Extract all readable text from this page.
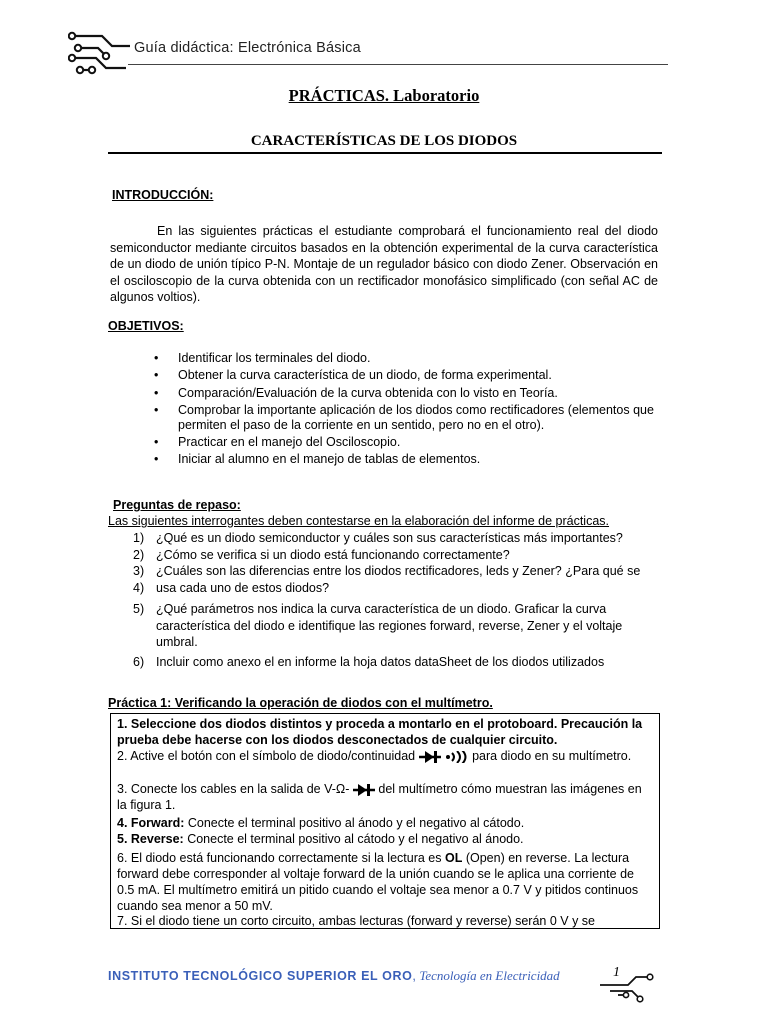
Guía didáctica: Electrónica Básica
PRÁCTICAS. Laboratorio
CARACTERÍSTICAS DE LOS DIODOS
INTRODUCCIÓN:

En las siguientes prácticas el estudiante comprobará el funcionamiento real del diodo semiconductor mediante circuitos basados en la obtención experimental de la curva característica de un diodo de unión típico P-N. Montaje de un regulador básico con diodo Zener. Observación en el osciloscopio de la curva obtenida con un rectificador monofásico simplificado (con señal AC de algunos voltios).

OBJETIVOS:
• Identificar los terminales del diodo.
• Obtener la curva característica de un diodo, de forma experimental.
• Comparación/Evaluación de la curva obtenida con lo visto en Teoría.
• Comprobar la importante aplicación de los diodos como rectificadores (elementos que permiten el paso de la corriente en un sentido, pero no en el otro).
• Practicar en el manejo del Osciloscopio.
• Iniciar al alumno en el manejo de tablas de elementos.
Preguntas de repaso:
Las siguientes interrogantes deben contestarse en la elaboración del informe de prácticas.
1) ¿Qué es un diodo semiconductor y cuáles son sus características más importantes?
2) ¿Cómo se verifica si un diodo está funcionando correctamente?
3) ¿Cuáles son las diferencias entre los diodos rectificadores, leds y Zener? ¿Para qué se
4) usa cada uno de estos diodos?
5) ¿Qué parámetros nos indica la curva característica de un diodo. Graficar la curva característica del diodo e identifique las regiones forward, reverse, Zener y el voltaje umbral.
6) Incluir como anexo el en informe la hoja datos dataSheet de los diodos utilizados
Práctica 1: Verificando la operación de diodos con el multímetro.

1. Seleccione dos diodos distintos y proceda a montarlo en el protoboard. Precaución la prueba debe hacerse con los diodos desconectados de cualquier circuito.

2. Active el botón con el símbolo de diodo/continuidad	para diodo en su multímetro.

3. Conecte los cables en la salida de V-Ω- del multímetro cómo muestran las imágenes en la figura 1.

4. Forward: Conecte el terminal positivo al ánodo y el negativo al cátodo.

5. Reverse: Conecte el terminal positivo al cátodo y el negativo al ánodo.

6. El diodo está funcionando correctamente si la lectura es OL (Open) en reverse. La lectura forward debe corresponder al voltaje forward de la unión cuando se le aplica una corriente de 0.5 mA. El multímetro emitirá un pitido cuando el voltaje sea menor a 0.7 V y pitidos continuos cuando sea menor a 50 mV.

7. Si el diodo tiene un corto circuito, ambas lecturas (forward y reverse) serán 0 V y se

INSTITUTO TECNOLÓGICO SUPERIOR EL ORO, Tecnología en Electricidad	1
